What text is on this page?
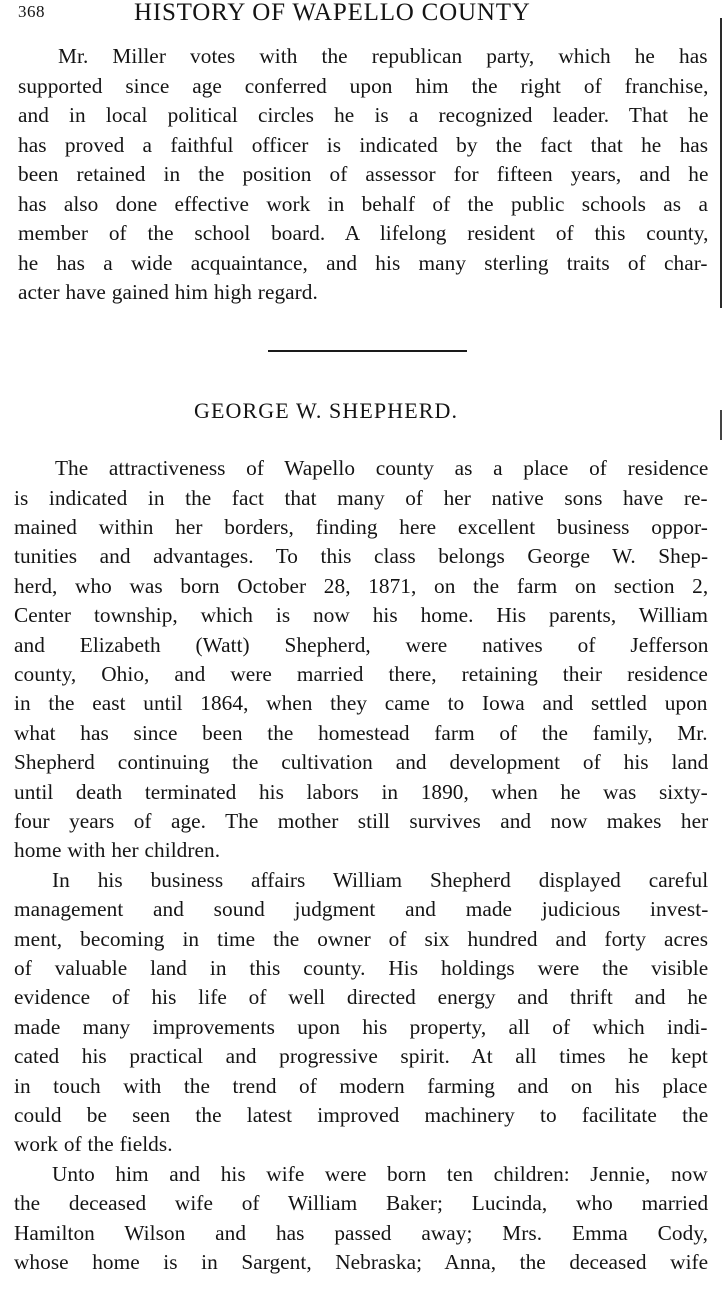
368	HISTORY OF WAPELLO COUNTY
Mr. Miller votes with the republican party, which he has
supported since age conferred upon him the right of franchise,
and in local political circles he is a recognized leader. That he
has proved a faithful officer is indicated by the fact that he has
been retained in the position of assessor for fifteen years, and he
has also done effective work in behalf of the public schools as a
member of the school board. A lifelong resident of this county,
he has a wide acquaintance, and his many sterling traits of char-
acter have gained him high regard.
GEORGE W. SHEPHERD.
The attractiveness of Wapello county as a place of residence
is indicated in the fact that many of her native sons have re-
mained within her borders, finding here excellent business oppor-
tunities and advantages. To this class belongs George W. Shep-
herd, who was born October 28, 1871, on the farm on section 2,
Center township, which is now his home. His parents, William
and Elizabeth (Watt) Shepherd, were natives of Jefferson
county, Ohio, and were married there, retaining their residence
in the east until 1864, when they came to Iowa and settled upon
what has since been the homestead farm of the family, Mr.
Shepherd continuing the cultivation and development of his land
until death terminated his labors in 1890, when he was sixty-
four years of age. The mother still survives and now makes her
home with her children.
In his business affairs William Shepherd displayed careful
management and sound judgment and made judicious invest-
ment, becoming in time the owner of six hundred and forty acres
of valuable land in this county. His holdings were the visible
evidence of his life of well directed energy and thrift and he
made many improvements upon his property, all of which indi-
cated his practical and progressive spirit. At all times he kept
in touch with the trend of modern farming and on his place
could be seen the latest improved machinery to facilitate the
work of the fields.
Unto him and his wife were born ten children: Jennie, now
the deceased wife of William Baker; Lucinda, who married
Hamilton Wilson and has passed away; Mrs. Emma Cody,
whose home is in Sargent, Nebraska; Anna, the deceased wife
